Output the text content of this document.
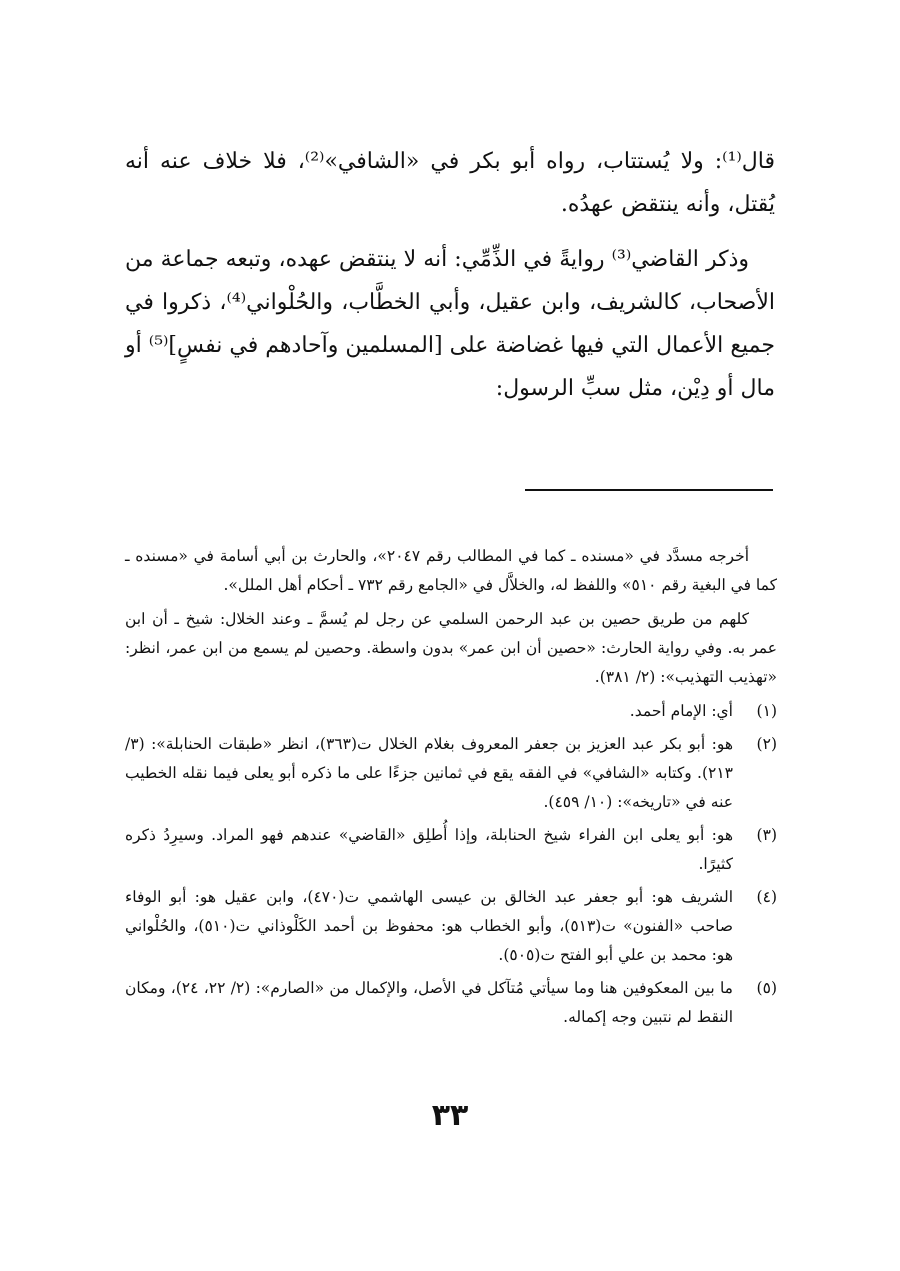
قال⁽¹⁾: ولا يُستتاب، رواه أبو بكر في «الشافي»⁽²⁾، فلا خلاف عنه أنه يُقتل، وأنه ينتقض عهدُه.

وذكر القاضي⁽³⁾ روايةً في الذِّمِّي: أنه لا ينتقض عهده، وتبعه جماعة من الأصحاب، كالشريف، وابن عقيل، وأبي الخطَّاب، والحُلْواني⁽⁴⁾، ذكروا في جميع الأعمال التي فيها غضاضة على [المسلمين وآحادهم في نفسٍ]⁽⁵⁾ أو مال أو دِيْن، مثل سبِّ الرسول:

أخرجه مسدَّد في «مسنده ـ كما في المطالب رقم ٢٠٤٧»، والحارث بن أبي أسامة في «مسنده ـ كما في البغية رقم ٥١٠» واللفظ له، والخلاَّل في «الجامع رقم ٧٣٢ ـ أحكام أهل الملل».

كلهم من طريق حصين بن عبد الرحمن السلمي عن رجل لم يُسمَّ ـ وعند الخلال: شيخ ـ أن ابن عمر به. وفي رواية الحارث: «حصين أن ابن عمر» بدون واسطة. وحصين لم يسمع من ابن عمر، انظر: «تهذيب التهذيب»: (٢/ ٣٨١).

(١)
أي: الإمام أحمد.
(٢)
هو: أبو بكر عبد العزيز بن جعفر المعروف بغلام الخلال ت(٣٦٣)، انظر «طبقات الحنابلة»: (٣/ ٢١٣). وكتابه «الشافي» في الفقه يقع في ثمانين جزءًا على ما ذكره أبو يعلى فيما نقله الخطيب عنه في «تاريخه»: (١٠/ ٤٥٩).
(٣)
هو: أبو يعلى ابن الفراء شيخ الحنابلة، وإذا أُطلِق «القاضي» عندهم فهو المراد. وسيرِدُ ذكره كثيرًا.
(٤)
الشريف هو: أبو جعفر عبد الخالق بن عيسى الهاشمي ت(٤٧٠)، وابن عقيل هو: أبو الوفاء صاحب «الفنون» ت(٥١٣)، وأبو الخطاب هو: محفوظ بن أحمد الكَلْوذاني ت(٥١٠)، والحُلْواني هو: محمد بن علي أبو الفتح ت(٥٠٥).
(٥)
ما بين المعكوفين هنا وما سيأتي مُتآكل في الأصل، والإكمال من «الصارم»: (٢/ ٢٢، ٢٤)، ومكان النقط لم نتبين وجه إكماله.
٣٣
